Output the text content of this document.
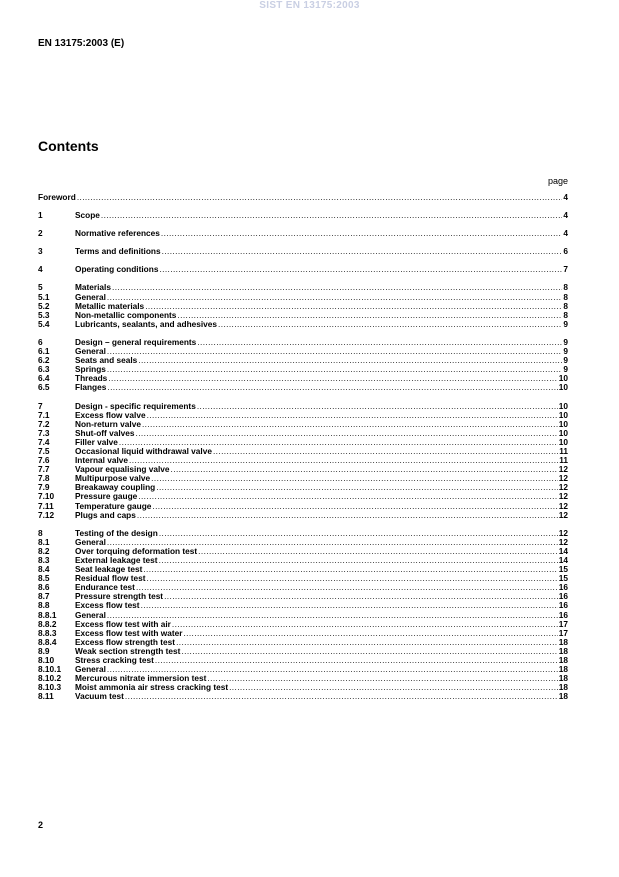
SIST EN 13175:2003
EN 13175:2003 (E)
Contents
page
Foreword .....	4
1	Scope .....	4
2	Normative references .....	4
3	Terms and definitions .....	6
4	Operating conditions .....	7
5	Materials .....	8
5.1	General .....	8
5.2	Metallic materials .....	8
5.3	Non-metallic components .....	8
5.4	Lubricants, sealants, and adhesives .....	9
6	Design – general requirements .....	9
6.1	General .....	9
6.2	Seats and seals .....	9
6.3	Springs .....	9
6.4	Threads .....	10
6.5	Flanges .....	10
7	Design - specific requirements .....	10
7.1	Excess flow valve .....	10
7.2	Non-return valve .....	10
7.3	Shut-off valves .....	10
7.4	Filler valve .....	10
7.5	Occasional liquid withdrawal valve .....	11
7.6	Internal valve .....	11
7.7	Vapour equalising valve .....	12
7.8	Multipurpose valve .....	12
7.9	Breakaway coupling .....	12
7.10	Pressure gauge .....	12
7.11	Temperature gauge .....	12
7.12	Plugs and caps .....	12
8	Testing of the design .....	12
8.1	General .....	12
8.2	Over torquing deformation test .....	14
8.3	External leakage test .....	14
8.4	Seat leakage test .....	15
8.5	Residual flow test .....	15
8.6	Endurance test .....	16
8.7	Pressure strength test .....	16
8.8	Excess flow test .....	16
8.8.1 General .....	16
8.8.2 Excess flow test with air .....	17
8.8.3 Excess flow test with water .....	17
8.8.4 Excess flow strength test .....	18
8.9	Weak section strength test .....	18
8.10	Stress cracking test .....	18
8.10.1 General .....	18
8.10.2 Mercurous nitrate immersion test .....	18
8.10.3 Moist ammonia air stress cracking test .....	18
8.11	Vacuum test .....	18
2
